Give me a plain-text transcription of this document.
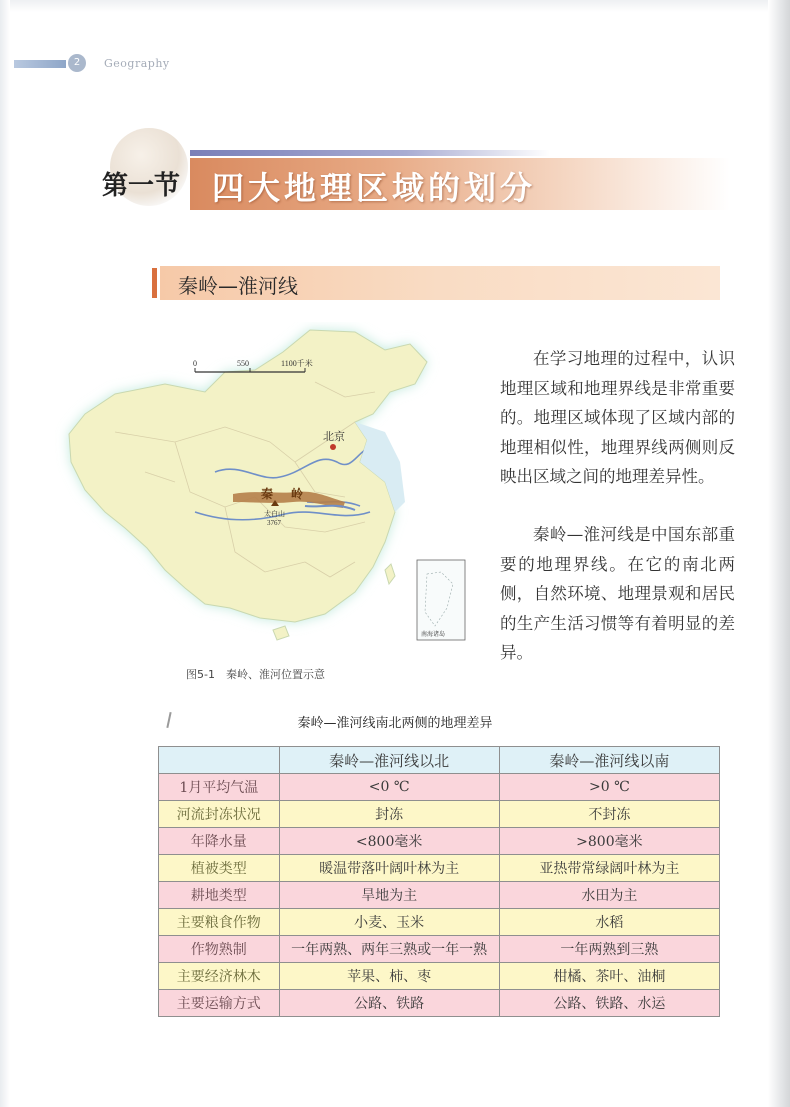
2	Geography
第一节 四大地理区域的划分
秦岭—淮河线
0	550	1100千米
北京
秦 岭
太白山
3767
南海诸岛
图5-1　秦岭、淮河位置示意
在学习地理的过程中，认识地理区域和地理界线是非常重要的。地理区域体现了区域内部的地理相似性，地理界线两侧则反映出区域之间的地理差异性。
秦岭—淮河线是中国东部重要的地理界线。在它的南北两侧，自然环境、地理景观和居民的生产生活习惯等有着明显的差异。
秦岭—淮河线南北两侧的地理差异
	秦岭—淮河线以北	秦岭—淮河线以南
1月平均气温	<0 ℃	>0 ℃
河流封冻状况	封冻	不封冻
年降水量	<800毫米	>800毫米
植被类型	暖温带落叶阔叶林为主	亚热带常绿阔叶林为主
耕地类型	旱地为主	水田为主
主要粮食作物	小麦、玉米	水稻
作物熟制	一年两熟、两年三熟或一年一熟	一年两熟到三熟
主要经济林木	苹果、柿、枣	柑橘、茶叶、油桐
主要运输方式	公路、铁路	公路、铁路、水运
